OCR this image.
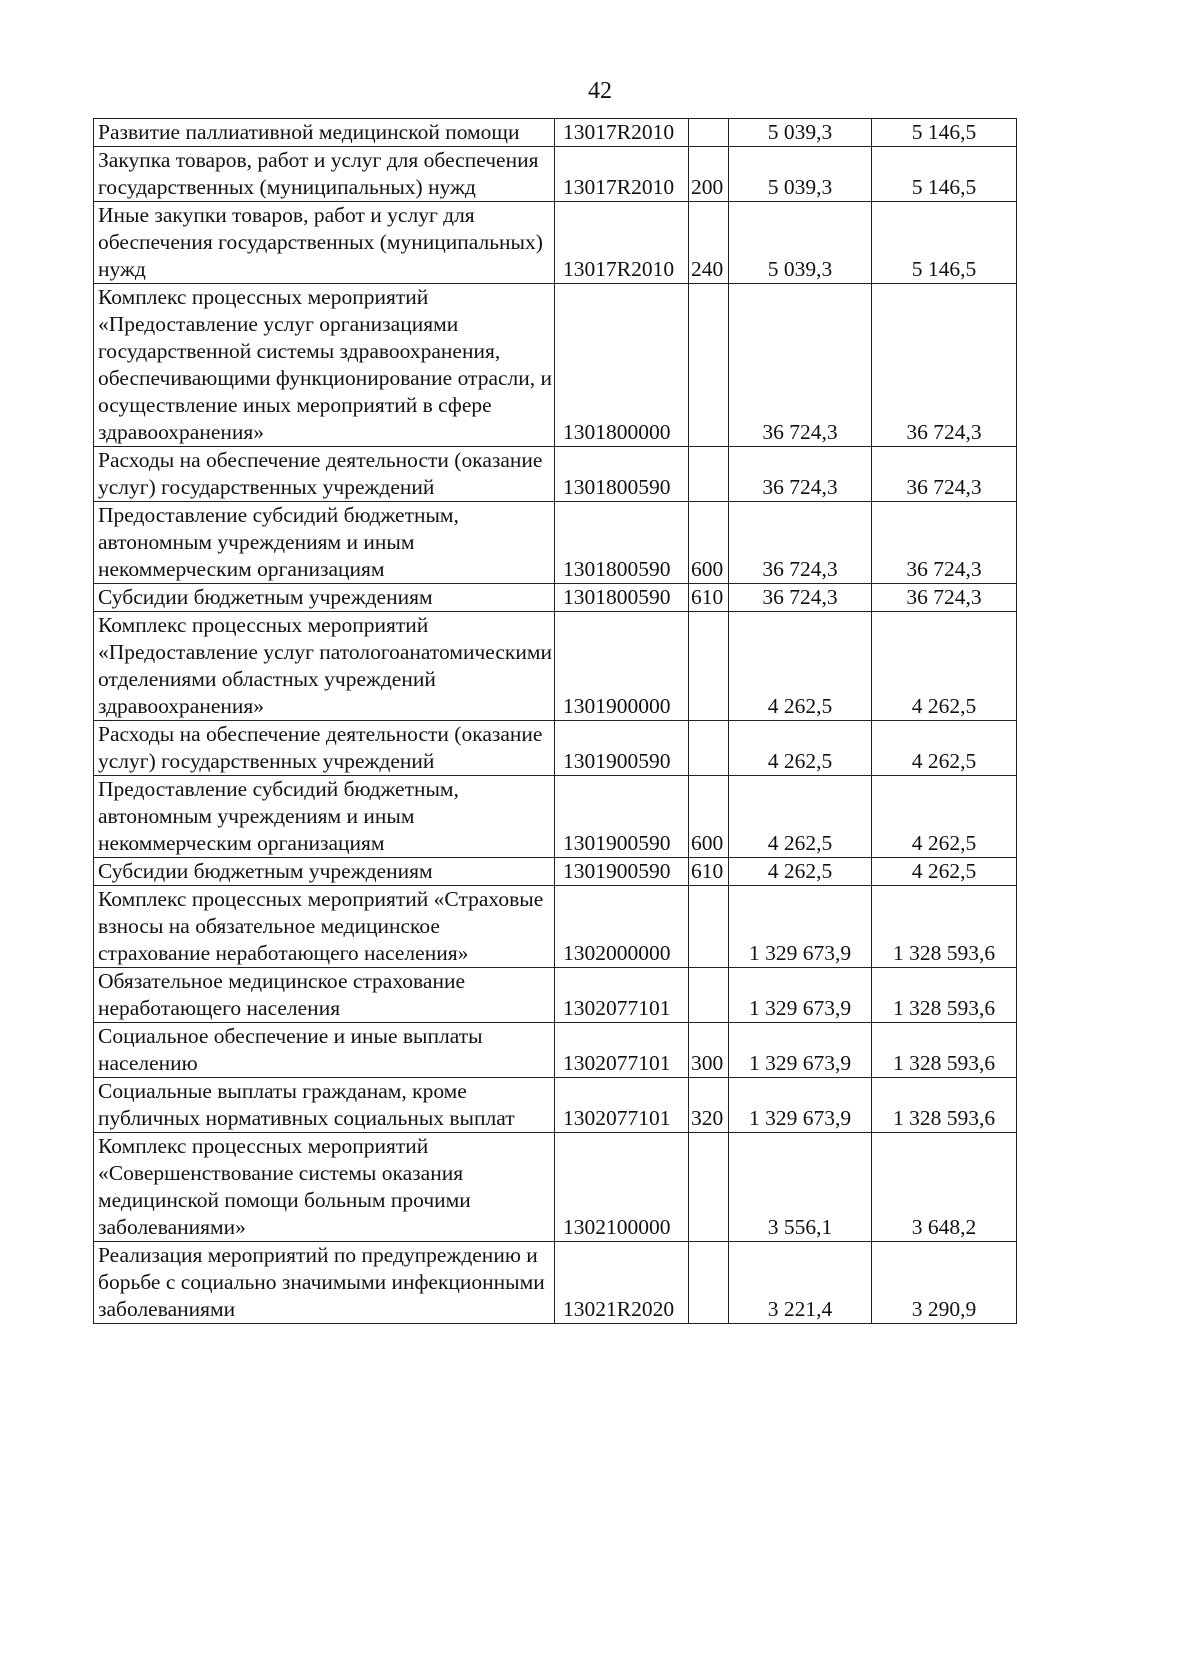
42
Развитие паллиативной медицинской помощи	13017R2010		5 039,3	5 146,5
Закупка товаров, работ и услуг для обеспечения государственных (муниципальных) нужд	13017R2010	200	5 039,3	5 146,5
Иные закупки товаров, работ и услуг для обеспечения государственных (муниципальных) нужд	13017R2010	240	5 039,3	5 146,5
Комплекс процессных мероприятий «Предоставление услуг организациями государственной системы здравоохранения, обеспечивающими функционирование отрасли, и осуществление иных мероприятий в сфере здравоохранения»	1301800000		36 724,3	36 724,3
Расходы на обеспечение деятельности (оказание услуг) государственных учреждений	1301800590		36 724,3	36 724,3
Предоставление субсидий бюджетным, автономным учреждениям и иным некоммерческим организациям	1301800590	600	36 724,3	36 724,3
Субсидии бюджетным учреждениям	1301800590	610	36 724,3	36 724,3
Комплекс процессных мероприятий «Предоставление услуг патологоанатомическими отделениями областных учреждений здравоохранения»	1301900000		4 262,5	4 262,5
Расходы на обеспечение деятельности (оказание услуг) государственных учреждений	1301900590		4 262,5	4 262,5
Предоставление субсидий бюджетным, автономным учреждениям и иным некоммерческим организациям	1301900590	600	4 262,5	4 262,5
Субсидии бюджетным учреждениям	1301900590	610	4 262,5	4 262,5
Комплекс процессных мероприятий «Страховые взносы на обязательное медицинское страхование неработающего населения»	1302000000		1 329 673,9	1 328 593,6
Обязательное медицинское страхование неработающего населения	1302077101		1 329 673,9	1 328 593,6
Социальное обеспечение и иные выплаты населению	1302077101	300	1 329 673,9	1 328 593,6
Социальные выплаты гражданам, кроме публичных нормативных социальных выплат	1302077101	320	1 329 673,9	1 328 593,6
Комплекс процессных мероприятий «Совершенствование системы оказания медицинской помощи больным прочими заболеваниями»	1302100000		3 556,1	3 648,2
Реализация мероприятий по предупреждению и борьбе с социально значимыми инфекционными заболеваниями	13021R2020		3 221,4	3 290,9
